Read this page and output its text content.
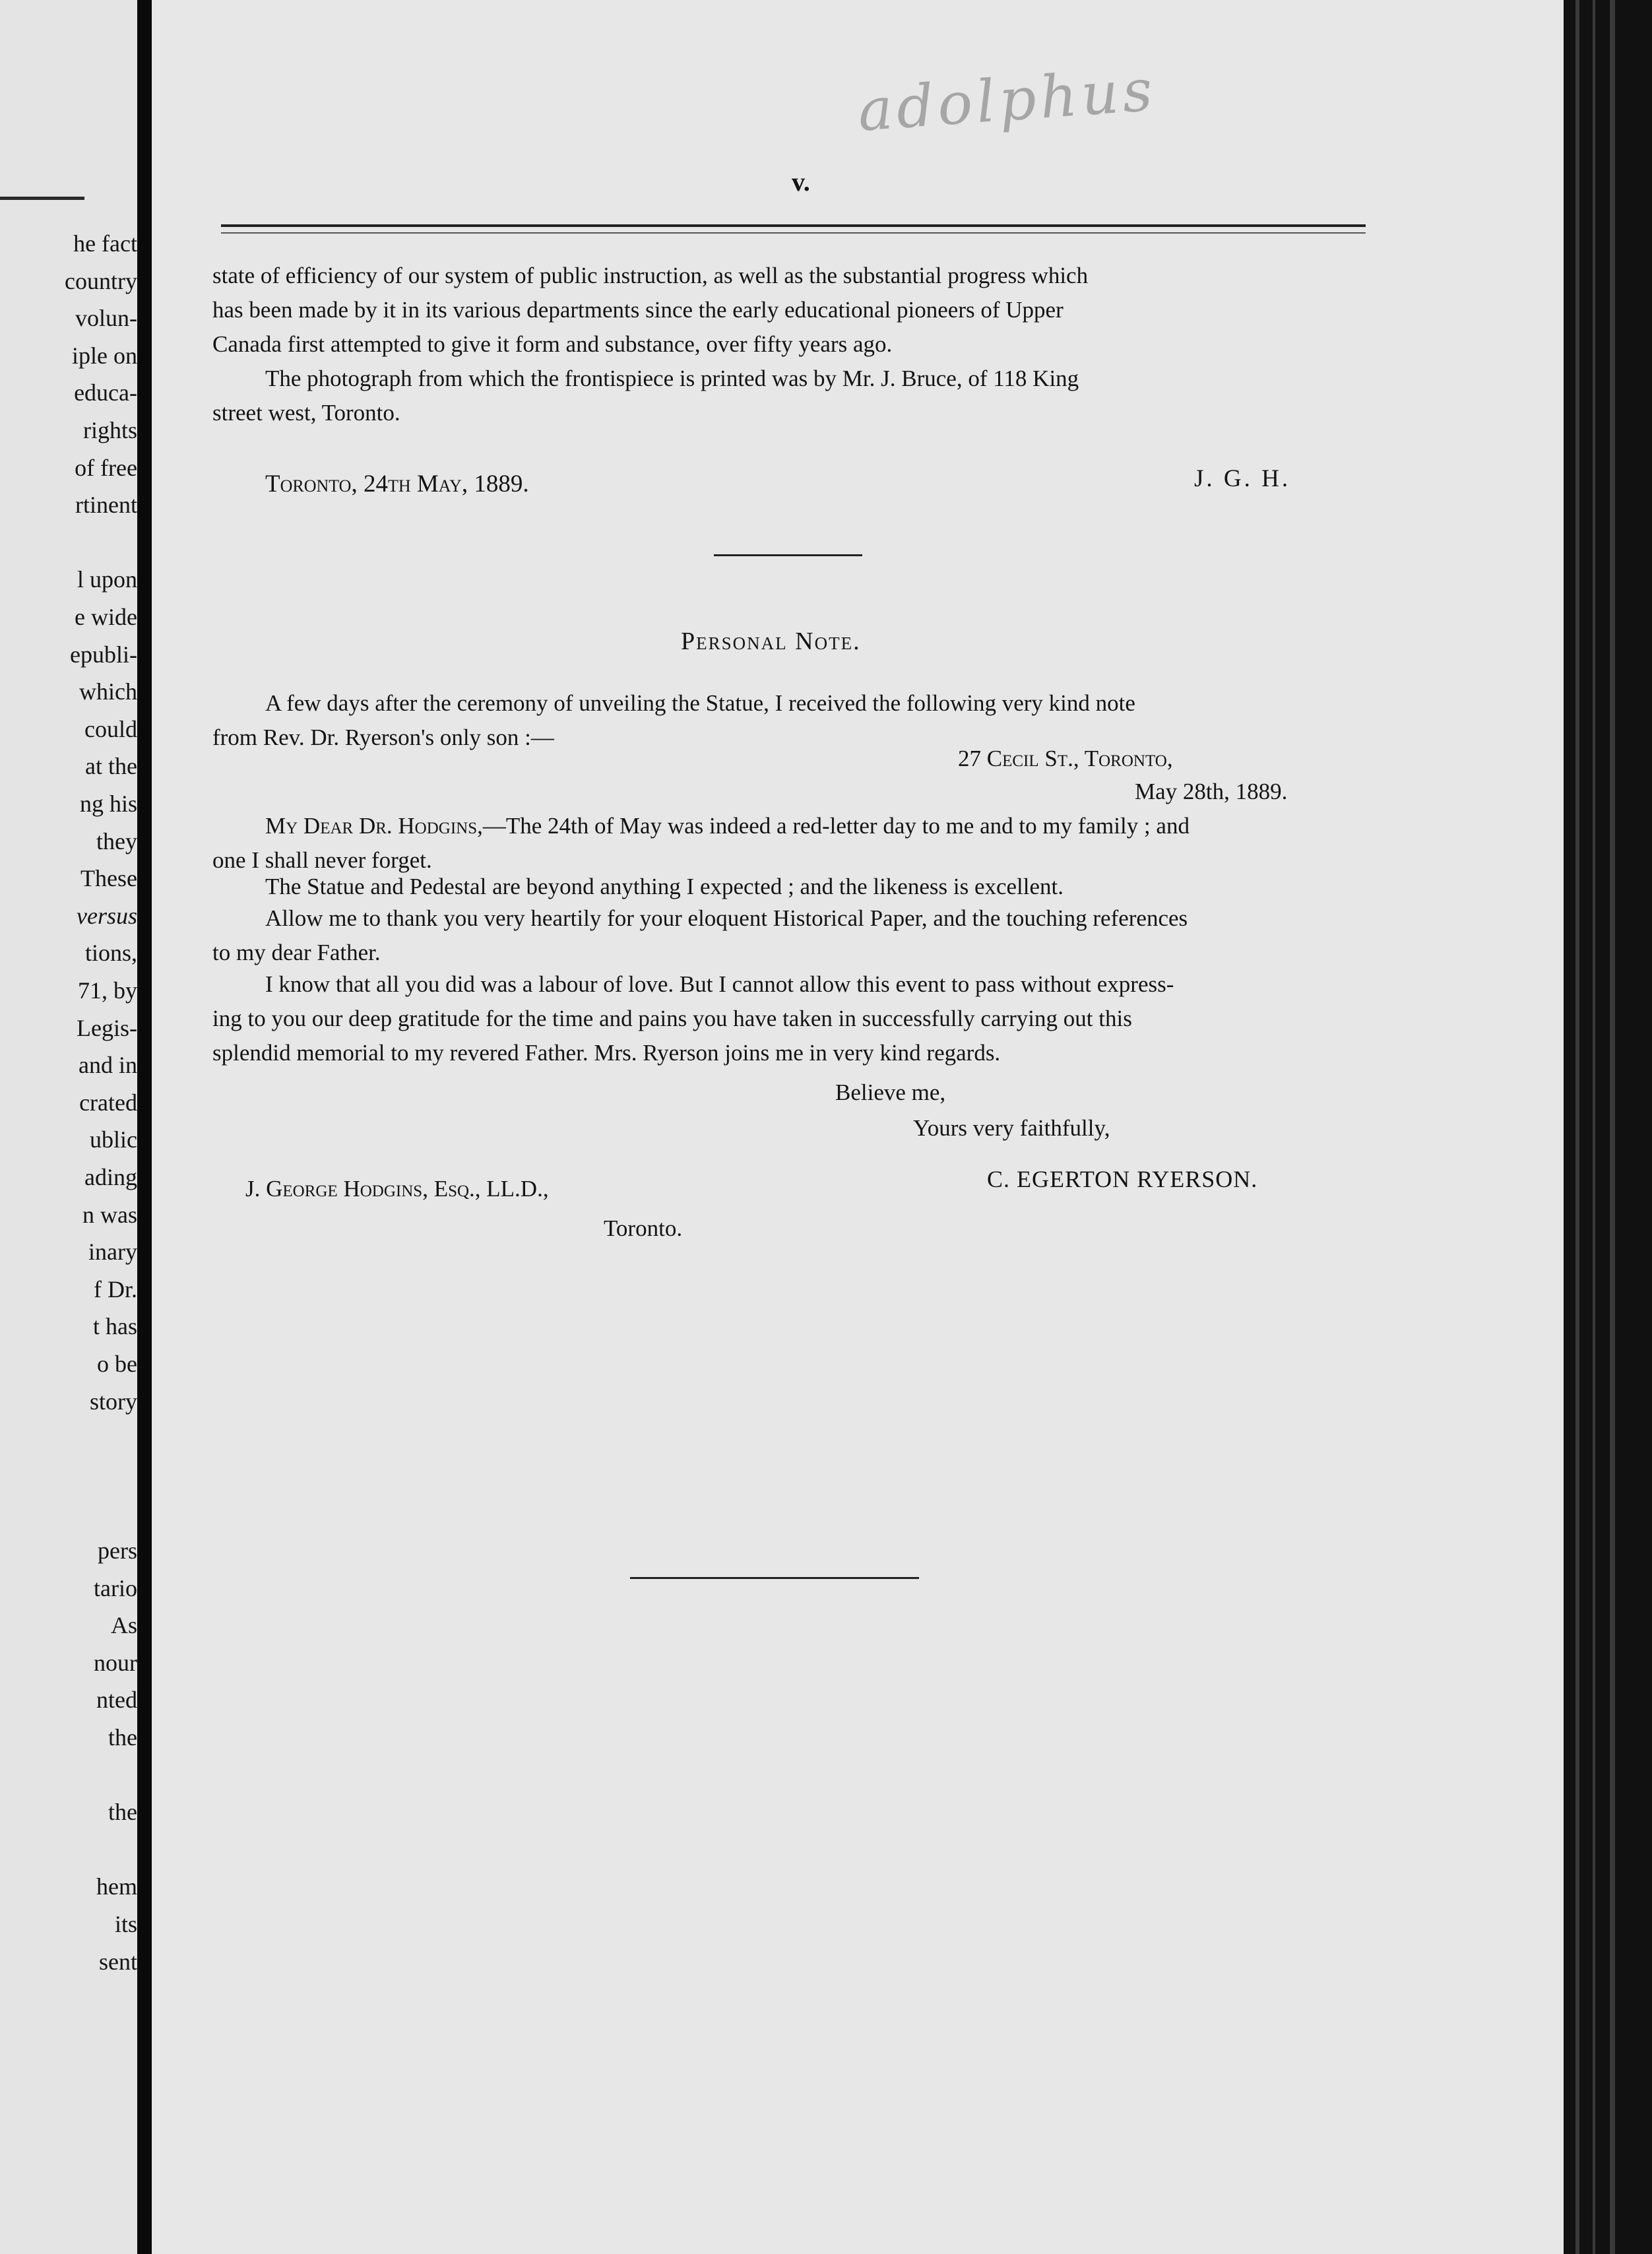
he fact
country
volun-
iple on
educa-
rights
of free
rtinent
l upon
e wide
epubli-
which
could
at the
ng his
they
These
versus
tions,
71, by
Legis-
and in
crated
ublic
ading
n was
inary
f Dr.
t has
o be
story
pers
tario
As
nour
nted
the
the
hem
its
sent
adolphus
v.
state of efficiency of our system of public instruction, as well as the substantial progress which
has been made by it in its various departments since the early educational pioneers of Upper
Canada first attempted to give it form and substance, over fifty years ago.
The photograph from which the frontispiece is printed was by Mr. J. Bruce, of 118 King
street west, Toronto.
Toronto, 24th May, 1889.	J. G. H.
Personal Note.
A few days after the ceremony of unveiling the Statue, I received the following very kind note
from Rev. Dr. Ryerson's only son :—
27 Cecil St., Toronto,
May 28th, 1889.
My Dear Dr. Hodgins,—The 24th of May was indeed a red-letter day to me and to my family ; and
one I shall never forget.
The Statue and Pedestal are beyond anything I expected ; and the likeness is excellent.
Allow me to thank you very heartily for your eloquent Historical Paper, and the touching references
to my dear Father.
I know that all you did was a labour of love. But I cannot allow this event to pass without express-
ing to you our deep gratitude for the time and pains you have taken in successfully carrying out this
splendid memorial to my revered Father. Mrs. Ryerson joins me in very kind regards.
Believe me,
Yours very faithfully,
C. EGERTON RYERSON.
J. George Hodgins, Esq., LL.D.,
Toronto.
